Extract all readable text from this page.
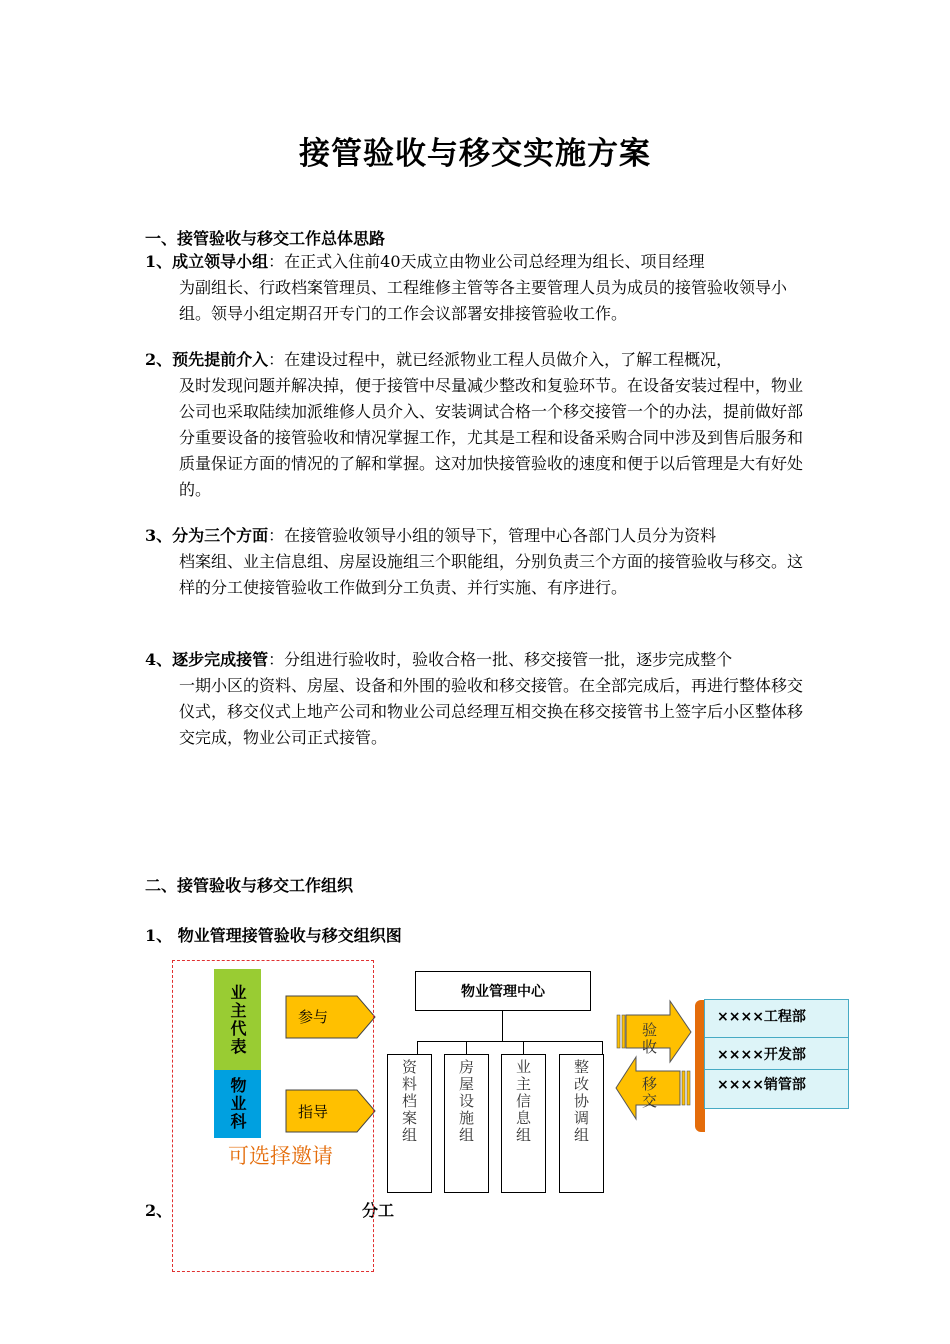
接管验收与移交实施方案
一、接管验收与移交工作总体思路
1、成立领导小组：在正式入住前40天成立由物业公司总经理为组长、项目经理
为副组长、行政档案管理员、工程维修主管等各主要管理人员为成员的接管验收领导小组。领导小组定期召开专门的工作会议部署安排接管验收工作。
2、预先提前介入：在建设过程中，就已经派物业工程人员做介入，了解工程概况，
及时发现问题并解决掉，便于接管中尽量减少整改和复验环节。在设备安装过程中，物业公司也采取陆续加派维修人员介入、安装调试合格一个移交接管一个的办法，提前做好部分重要设备的接管验收和情况掌握工作，尤其是工程和设备采购合同中涉及到售后服务和质量保证方面的情况的了解和掌握。这对加快接管验收的速度和便于以后管理是大有好处的。
3、分为三个方面：在接管验收领导小组的领导下，管理中心各部门人员分为资料
档案组、业主信息组、房屋设施组三个职能组，分别负责三个方面的接管验收与移交。这样的分工使接管验收工作做到分工负责、并行实施、有序进行。
4、逐步完成接管：分组进行验收时，验收合格一批、移交接管一批，逐步完成整个
一期小区的资料、房屋、设备和外围的验收和移交接管。在全部完成后，再进行整体移交仪式，移交仪式上地产公司和物业公司总经理互相交换在移交接管书上签字后小区整体移交完成，物业公司正式接管。
二、接管验收与移交工作组织
1、 物业管理接管验收与移交组织图
2、	分工
业主代表
物业科
参与
指导
可选择邀请
物业管理中心
资料档案组	房屋设施组	业主信息组	整改协调组
验收
移交
××××工程部
××××开发部
××××销管部
